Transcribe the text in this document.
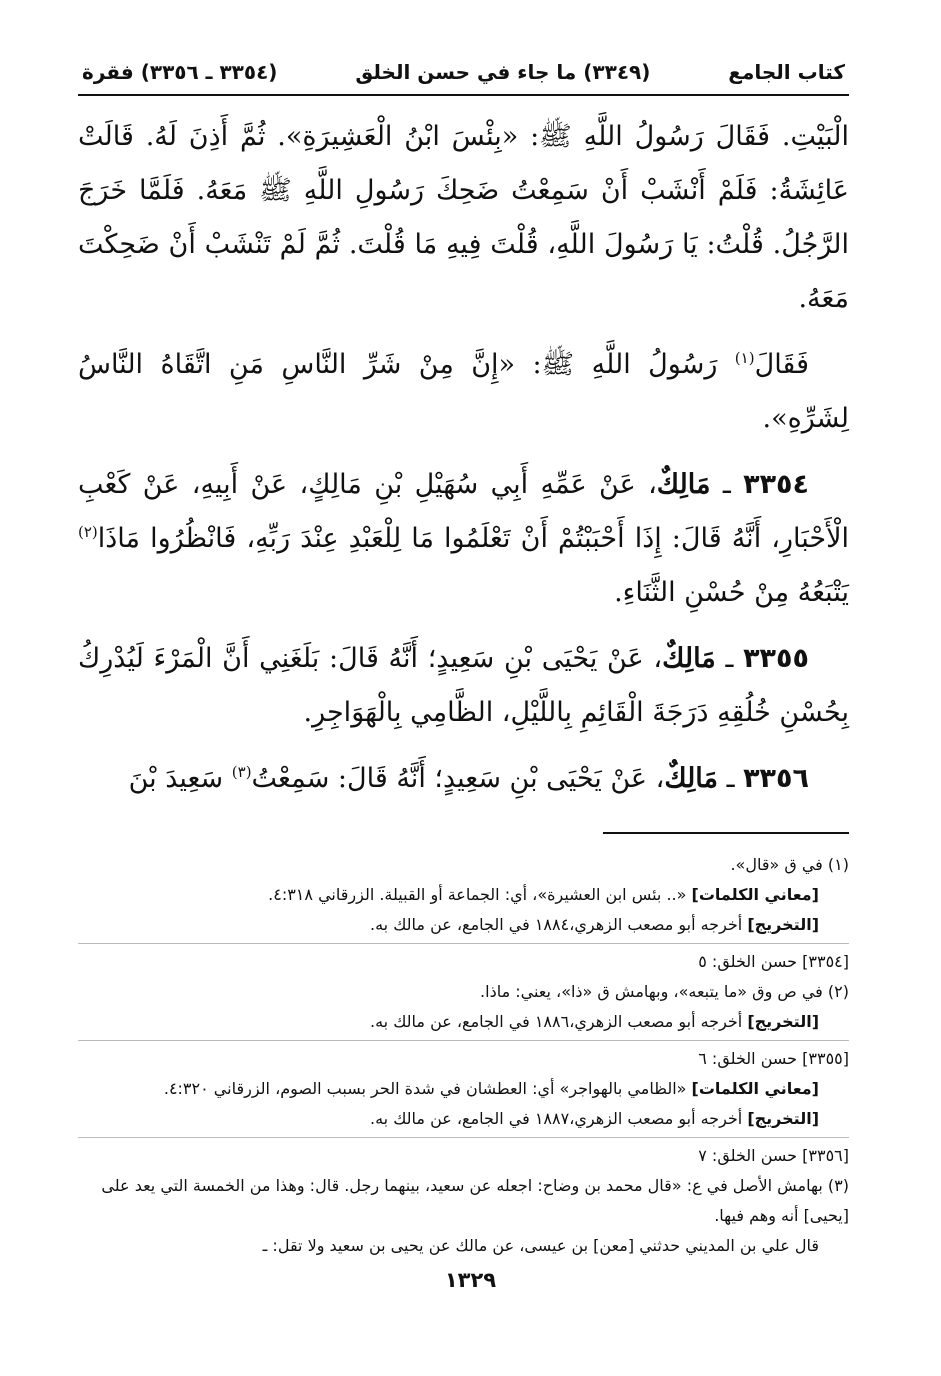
كتاب الجامع
(٣٣٤٩) ما جاء في حسن الخلق
(٣٣٥٤ ـ ٣٣٥٦) فقرة

الْبَيْتِ. فَقَالَ رَسُولُ اللَّهِ ﷺ: «بِئْسَ ابْنُ الْعَشِيرَةِ». ثُمَّ أَذِنَ لَهُ. قَالَتْ عَائِشَةُ: فَلَمْ أَنْشَبْ أَنْ سَمِعْتُ ضَحِكَ رَسُولِ اللَّهِ ﷺ مَعَهُ. فَلَمَّا خَرَجَ الرَّجُلُ. قُلْتُ: يَا رَسُولَ اللَّهِ، قُلْتَ فِيهِ مَا قُلْتَ. ثُمَّ لَمْ تَنْشَبْ أَنْ ضَحِكْتَ مَعَهُ.

فَقَالَ$^{(١)}$ رَسُولُ اللَّهِ ﷺ: «إِنَّ مِنْ شَرِّ النَّاسِ مَنِ اتَّقَاهُ النَّاسُ لِشَرِّهِ».

٣٣٥٤ ـ مَالِكٌ، عَنْ عَمِّهِ أَبِي سُهَيْلِ بْنِ مَالِكٍ، عَنْ أَبِيهِ، عَنْ كَعْبِ الْأَحْبَارِ، أَنَّهُ قَالَ: إِذَا أَحْبَبْتُمْ أَنْ تَعْلَمُوا مَا لِلْعَبْدِ عِنْدَ رَبِّهِ، فَانْظُرُوا مَاذَا$^{(٢)}$ يَتْبَعُهُ مِنْ حُسْنِ الثَّنَاءِ.

٣٣٥٥ ـ مَالِكٌ، عَنْ يَحْيَى بْنِ سَعِيدٍ؛ أَنَّهُ قَالَ: بَلَغَنِي أَنَّ الْمَرْءَ لَيُدْرِكُ بِحُسْنِ خُلُقِهِ دَرَجَةَ الْقَائِمِ بِاللَّيْلِ، الظَّامِي بِالْهَوَاجِرِ.

٣٣٥٦ ـ مَالِكٌ، عَنْ يَحْيَى بْنِ سَعِيدٍ؛ أَنَّهُ قَالَ: سَمِعْتُ$^{(٣)}$ سَعِيدَ بْنَ

(١) في ق «قال».

[معاني الكلمات] «.. بئس ابن العشيرة»، أي: الجماعة أو القبيلة. الزرقاني ٤:٣١٨.

[التخريج] أخرجه أبو مصعب الزهري،١٨٨٤ في الجامع، عن مالك به.

[٣٣٥٤] حسن الخلق: ٥

(٢) في ص وق «ما يتبعه»، وبهامش ق «ذا»، يعني: ماذا.

[التخريج] أخرجه أبو مصعب الزهري،١٨٨٦ في الجامع، عن مالك به.

[٣٣٥٥] حسن الخلق: ٦

[معاني الكلمات] «الظامي بالهواجر» أي: العطشان في شدة الحر بسبب الصوم، الزرقاني ٤:٣٢٠.

[التخريج] أخرجه أبو مصعب الزهري،١٨٨٧ في الجامع، عن مالك به.

[٣٣٥٦] حسن الخلق: ٧

(٣) بهامش الأصل في ع: «قال محمد بن وضاح: اجعله عن سعيد، بينهما رجل. قال: وهذا من الخمسة التي يعد على [يحيى] أنه وهم فيها.

قال علي بن المديني حدثني [معن] بن عيسى، عن مالك عن يحيى بن سعيد ولا تقل: ـ

١٣٢٩
